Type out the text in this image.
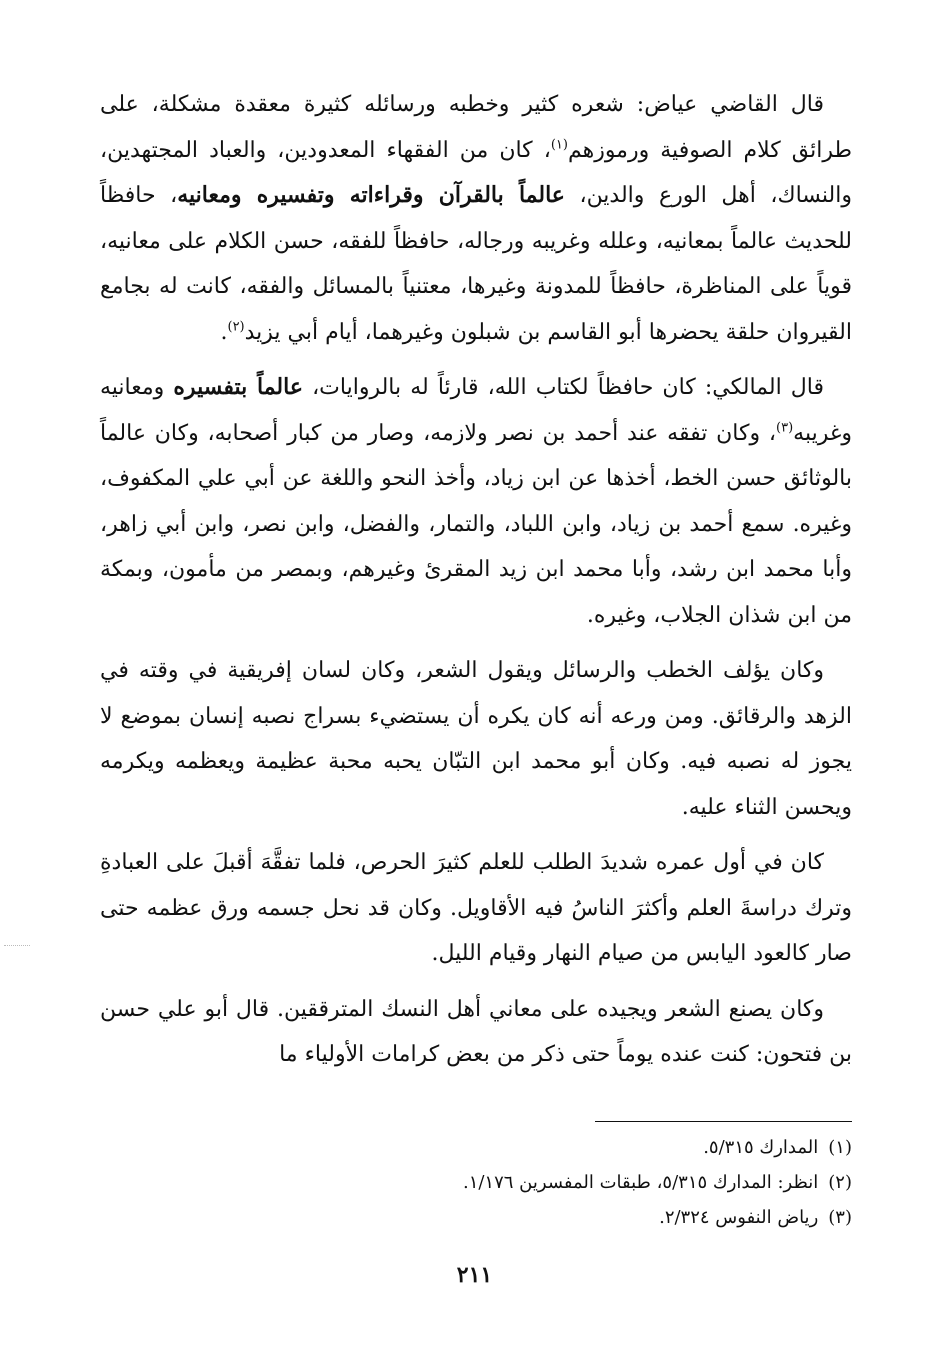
قال القاضي عياض: شعره كثير وخطبه ورسائله كثيرة معقدة مشكلة، على طرائق كلام الصوفية ورموزهم$^{(١)}$، كان من الفقهاء المعدودين، والعباد المجتهدين، والنساك، أهل الورع والدين، عالماً بالقرآن وقراءاته وتفسيره ومعانيه، حافظاً للحديث عالماً بمعانيه، وعلله وغريبه ورجاله، حافظاً للفقه، حسن الكلام على معانيه، قوياً على المناظرة، حافظاً للمدونة وغيرها، معتنياً بالمسائل والفقه، كانت له بجامع القيروان حلقة يحضرها أبو القاسم بن شبلون وغيرهما، أيام أبي يزيد$^{(٢)}$.

قال المالكي: كان حافظاً لكتاب الله، قارئاً له بالروايات، عالماً بتفسيره ومعانيه وغريبه$^{(٣)}$، وكان تفقه عند أحمد بن نصر ولازمه، وصار من كبار أصحابه، وكان عالماً بالوثائق حسن الخط، أخذها عن ابن زياد، وأخذ النحو واللغة عن أبي علي المكفوف، وغيره. سمع أحمد بن زياد، وابن اللباد، والتمار، والفضل، وابن نصر، وابن أبي زاهر، وأبا محمد ابن رشد، وأبا محمد ابن زيد المقرئ وغيرهم، وبمصر من مأمون، وبمكة من ابن شذان الجلاب، وغيره.

وكان يؤلف الخطب والرسائل ويقول الشعر، وكان لسان إفريقية في وقته في الزهد والرقائق. ومن ورعه أنه كان يكره أن يستضيء بسراج نصبه إنسان بموضع لا يجوز له نصبه فيه. وكان أبو محمد ابن التبّان يحبه محبة عظيمة ويعظمه ويكرمه ويحسن الثناء عليه.

كان في أول عمره شديدَ الطلب للعلم كثيرَ الحرص، فلما تفقَّهَ أقبلَ على العبادةِ وترك دراسةَ العلم وأكثرَ الناسُ فيه الأقاويل. وكان قد نحل جسمه ورق عظمه حتى صار كالعود اليابس من صيام النهار وقيام الليل.

وكان يصنع الشعر ويجيده على معاني أهل النسك المترققين. قال أبو علي حسن بن فتحون: كنت عنده يوماً حتى ذكر من بعض كرامات الأولياء ما

(١)المدارك ٥/٣١٥.
(٢)انظر: المدارك ٥/٣١٥، طبقات المفسرين ١/١٧٦.
(٣)رياض النفوس ٢/٣٢٤.
٢١١
